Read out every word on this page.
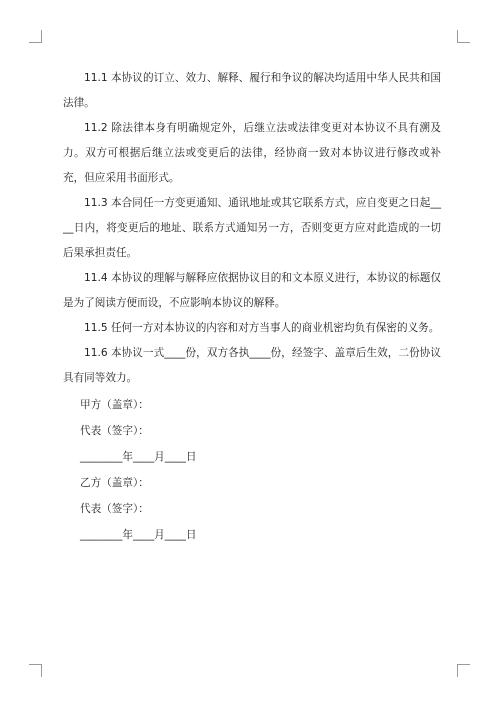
11.1 本协议的订立、效力、解释、履行和争议的解决均适用中华人民共和国法律。

11.2 除法律本身有明确规定外，后继立法或法律变更对本协议不具有溯及力。双方可根据后继立法或变更后的法律，经协商一致对本协议进行修改或补充，但应采用书面形式。

11.3 本合同任一方变更通知、通讯地址或其它联系方式，应自变更之日起____日内，将变更后的地址、联系方式通知另一方，否则变更方应对此造成的一切后果承担责任。

11.4 本协议的理解与解释应依据协议目的和文本原义进行，本协议的标题仅是为了阅读方便而设，不应影响本协议的解释。

11.5 任何一方对本协议的内容和对方当事人的商业机密均负有保密的义务。

11.6 本协议一式____份，双方各执____份，经签字、盖章后生效，二份协议具有同等效力。

甲方（盖章）：

代表（签字）：

________年____月____日

乙方（盖章）：

代表（签字）：

________年____月____日
